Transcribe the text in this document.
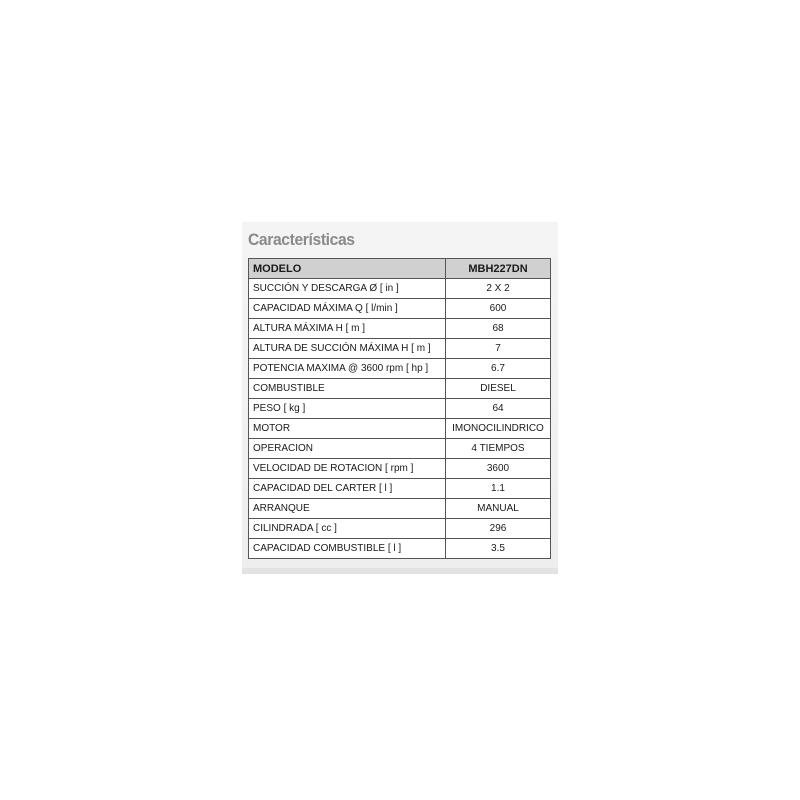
Características
MODELO	MBH227DN
SUCCIÓN Y DESCARGA Ø [ in ]	2 X 2
CAPACIDAD MÁXIMA Q [ l/min ]	600
ALTURA MÁXIMA H [ m ]	68
ALTURA DE SUCCIÓN MÁXIMA H [ m ]	7
POTENCIA MAXIMA @ 3600 rpm [ hp ]	6.7
COMBUSTIBLE	DIESEL
PESO [ kg ]	64
MOTOR	IMONOCILINDRICO
OPERACION	4 TIEMPOS
VELOCIDAD DE ROTACION [ rpm ]	3600
CAPACIDAD DEL CARTER [ l ]	1.1
ARRANQUE	MANUAL
CILINDRADA [ cc ]	296
CAPACIDAD COMBUSTIBLE [ l ]	3.5
